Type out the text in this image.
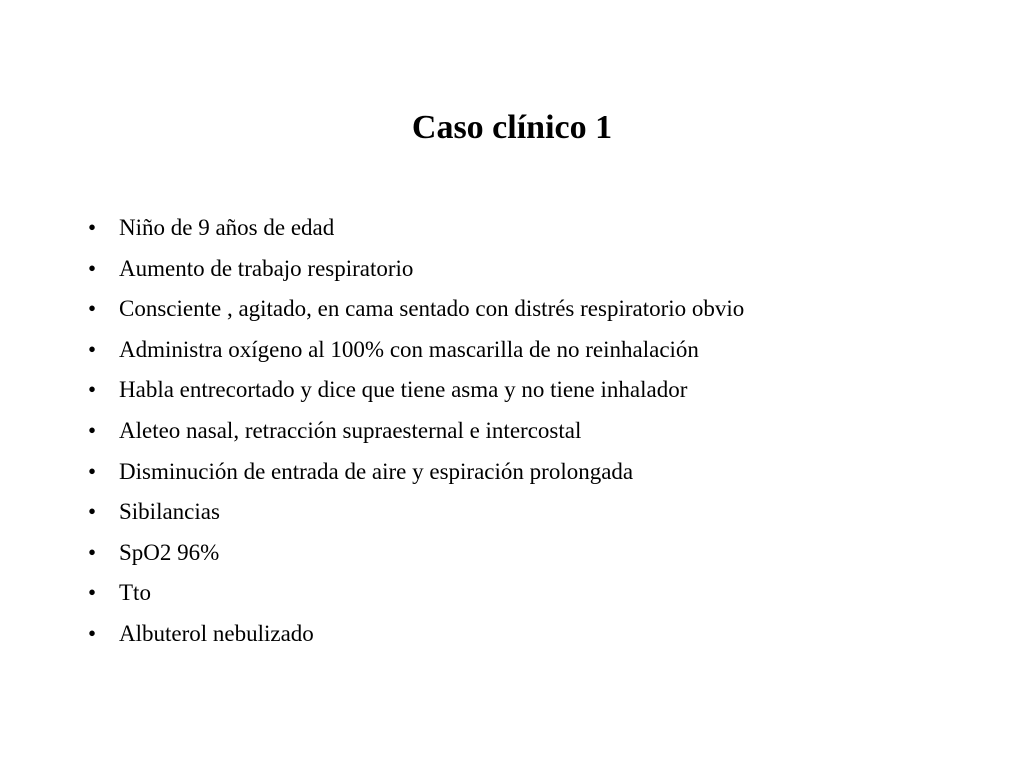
Caso clínico 1
• Niño de 9 años de edad
• Aumento de trabajo respiratorio
• Consciente , agitado, en cama sentado con distrés respiratorio obvio
• Administra oxígeno al 100% con mascarilla de no reinhalación
• Habla entrecortado y dice que tiene asma y no tiene inhalador
• Aleteo nasal, retracción supraesternal e intercostal
• Disminución de entrada de aire y espiración prolongada
• Sibilancias
• SpO2 96%
• Tto
• Albuterol nebulizado
